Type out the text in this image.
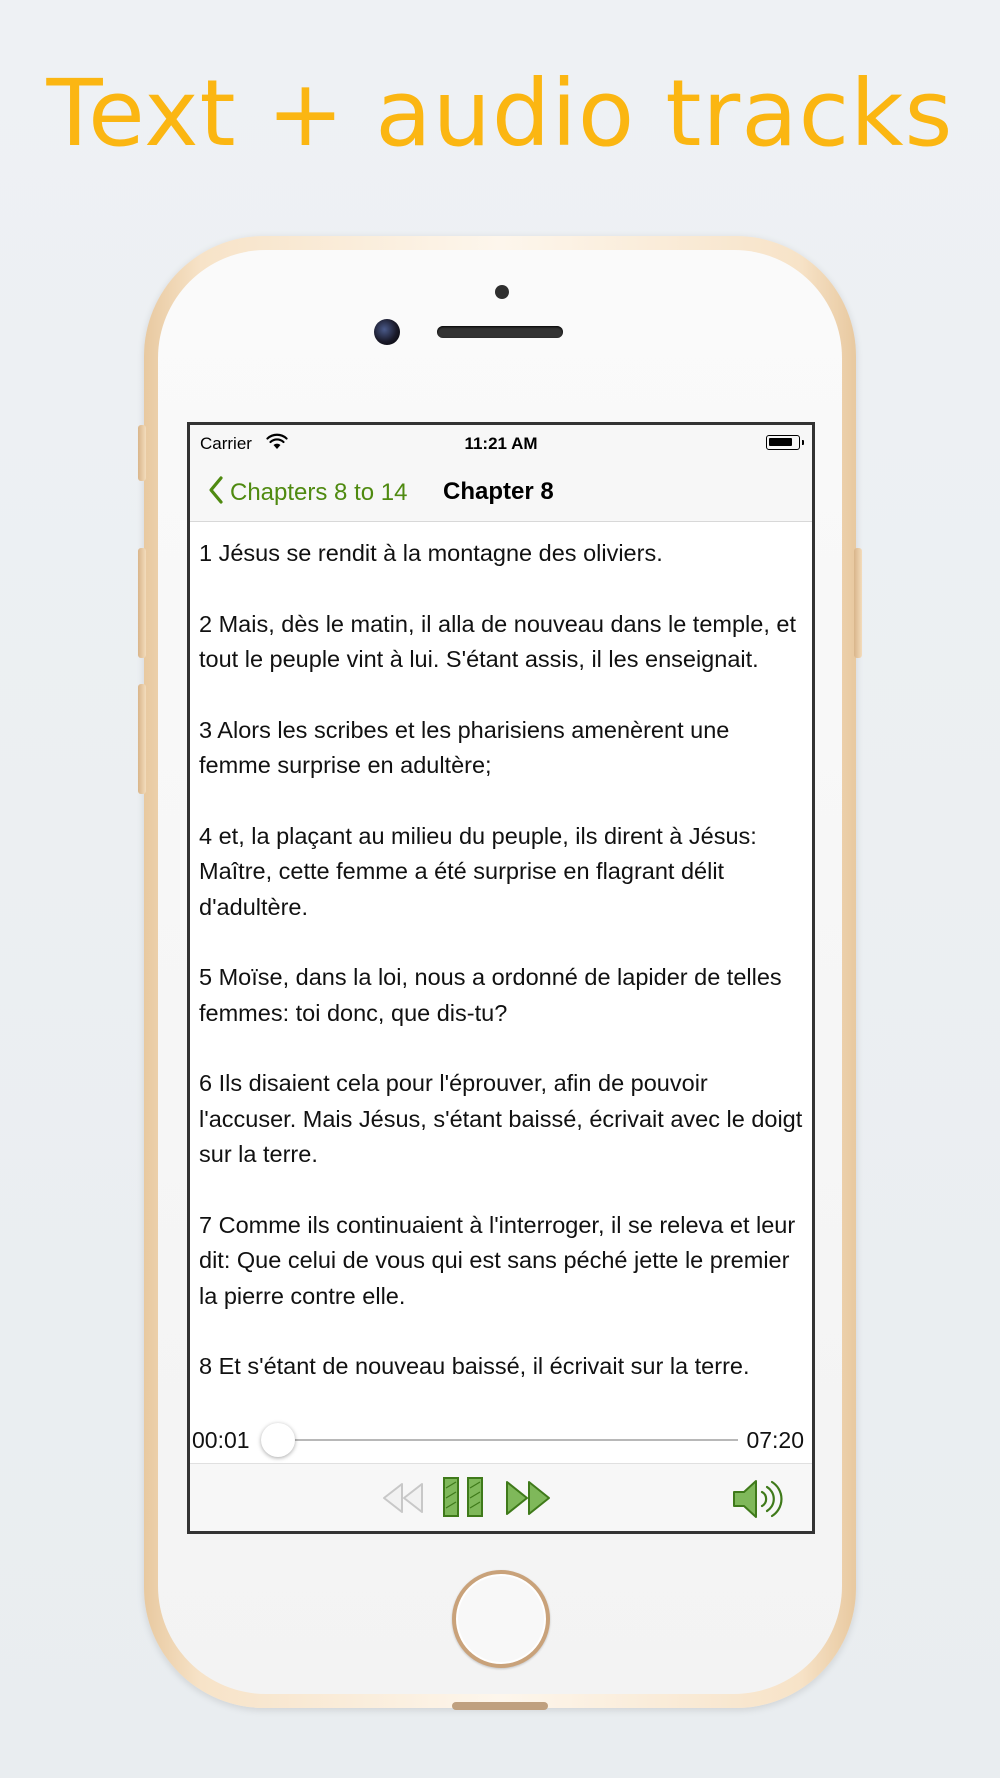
Text + audio tracks
Carrier	11:21 AM
Chapters 8 to 14 Chapter 8

1 Jésus se rendit à la montagne des oliviers.

2 Mais, dès le matin, il alla de nouveau dans le temple, et tout le peuple vint à lui. S'étant assis, il les enseignait.

3 Alors les scribes et les pharisiens amenèrent une femme surprise en adultère;

4 et, la plaçant au milieu du peuple, ils dirent à Jésus: Maître, cette femme a été surprise en flagrant délit d'adultère.

5 Moïse, dans la loi, nous a ordonné de lapider de telles femmes: toi donc, que dis-tu?

6 Ils disaient cela pour l'éprouver, afin de pouvoir l'accuser. Mais Jésus, s'étant baissé, écrivait avec le doigt sur la terre.

7 Comme ils continuaient à l'interroger, il se releva et leur dit: Que celui de vous qui est sans péché jette le premier la pierre contre elle.

8 Et s'étant de nouveau baissé, il écrivait sur la terre.

00:01	07:20
